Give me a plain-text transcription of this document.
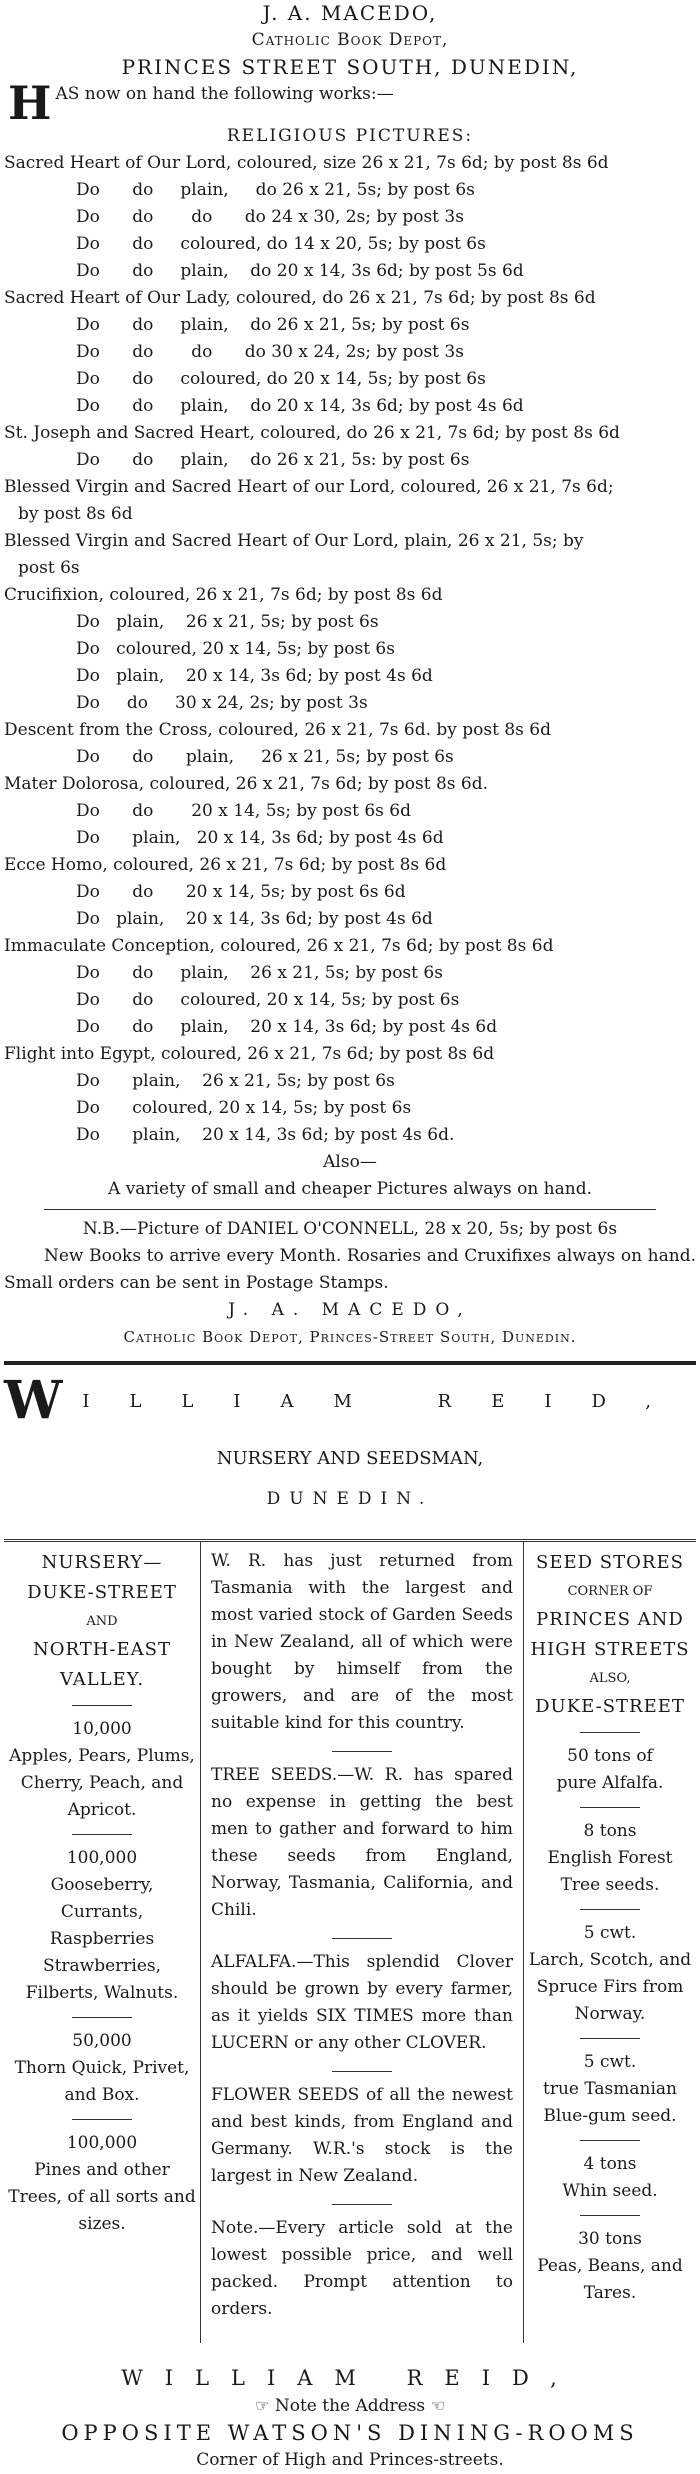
J. A. MACEDO,
Catholic Book Depot,
PRINCES STREET SOUTH, DUNEDIN,
H AS now on hand the following works:—
RELIGIOUS PICTURES:
Sacred Heart of Our Lord, coloured, size 26 x 21, 7s 6d; by post 8s 6d
Do      do     plain,     do 26 x 21, 5s; by post 6s
Do      do       do      do 24 x 30, 2s; by post 3s
Do      do     coloured, do 14 x 20, 5s; by post 6s
Do      do     plain,    do 20 x 14, 3s 6d; by post 5s 6d
Sacred Heart of Our Lady, coloured, do 26 x 21, 7s 6d; by post 8s 6d
Do      do     plain,    do 26 x 21, 5s; by post 6s
Do      do       do      do 30 x 24, 2s; by post 3s
Do      do     coloured, do 20 x 14, 5s; by post 6s
Do      do     plain,    do 20 x 14, 3s 6d; by post 4s 6d
St. Joseph and Sacred Heart, coloured, do 26 x 21, 7s 6d; by post 8s 6d
Do      do     plain,    do 26 x 21, 5s: by post 6s
Blessed Virgin and Sacred Heart of our Lord, coloured, 26 x 21, 7s 6d;
by post 8s 6d
Blessed Virgin and Sacred Heart of Our Lord, plain, 26 x 21, 5s; by
post 6s
Crucifixion, coloured, 26 x 21, 7s 6d; by post 8s 6d
Do   plain,    26 x 21, 5s; by post 6s
Do   coloured, 20 x 14, 5s; by post 6s
Do   plain,    20 x 14, 3s 6d; by post 4s 6d
Do     do     30 x 24, 2s; by post 3s
Descent from the Cross, coloured, 26 x 21, 7s 6d. by post 8s 6d
Do      do      plain,     26 x 21, 5s; by post 6s
Mater Dolorosa, coloured, 26 x 21, 7s 6d; by post 8s 6d.
Do      do       20 x 14, 5s; by post 6s 6d
Do      plain,   20 x 14, 3s 6d; by post 4s 6d
Ecce Homo, coloured, 26 x 21, 7s 6d; by post 8s 6d
Do      do      20 x 14, 5s; by post 6s 6d
Do   plain,    20 x 14, 3s 6d; by post 4s 6d
Immaculate Conception, coloured, 26 x 21, 7s 6d; by post 8s 6d
Do      do     plain,    26 x 21, 5s; by post 6s
Do      do     coloured, 20 x 14, 5s; by post 6s
Do      do     plain,    20 x 14, 3s 6d; by post 4s 6d
Flight into Egypt, coloured, 26 x 21, 7s 6d; by post 8s 6d
Do      plain,    26 x 21, 5s; by post 6s
Do      coloured, 20 x 14, 5s; by post 6s
Do      plain,    20 x 14, 3s 6d; by post 4s 6d.
Also—
A variety of small and cheaper Pictures always on hand.
N.B.—Picture of DANIEL O'CONNELL, 28 x 20, 5s; by post 6s
New Books to arrive every Month. Rosaries and Cruxifixes always on hand. Small orders can be sent in Postage Stamps.
J. A. MACEDO,
Catholic Book Depot, Princes-Street South, Dunedin.
W	ILLIAM REID,
NURSERY AND SEEDSMAN,
DUNEDIN.
NURSERY—
DUKE-STREET
AND
NORTH-EAST
VALLEY.
10,000
Apples, Pears, Plums, Cherry, Peach, and Apricot.
100,000
Gooseberry, Currants, Raspberries Strawberries, Filberts, Walnuts.
50,000
Thorn Quick, Privet, and Box.
100,000
Pines and other Trees, of all sorts and sizes.

W. R. has just returned from Tasmania with the largest and most varied stock of Garden Seeds in New Zealand, all of which were bought by himself from the growers, and are of the most suitable kind for this country.

TREE SEEDS.—W. R. has spared no expense in getting the best men to gather and forward to him these seeds from England, Norway, Tasmania, California, and Chili.

ALFALFA.—This splendid Clover should be grown by every farmer, as it yields SIX TIMES more than LUCERN or any other CLOVER.

FLOWER SEEDS of all the newest and best kinds, from England and Germany. W.R.'s stock is the largest in New Zealand.

Note.—Every article sold at the lowest possible price, and well packed. Prompt attention to orders.

SEED STORES
CORNER OF
PRINCES AND
HIGH STREETS
ALSO,
DUKE-STREET
50 tons of
pure Alfalfa.
8 tons
English Forest Tree seeds.
5 cwt.
Larch, Scotch, and Spruce Firs from Norway.
5 cwt.
true Tasmanian Blue-gum seed.
4 tons
Whin seed.
30 tons
Peas, Beans, and Tares.
WILLIAM REID,
☞ Note the Address ☜
OPPOSITE WATSON'S DINING-ROOMS
Corner of High and Princes-streets.
